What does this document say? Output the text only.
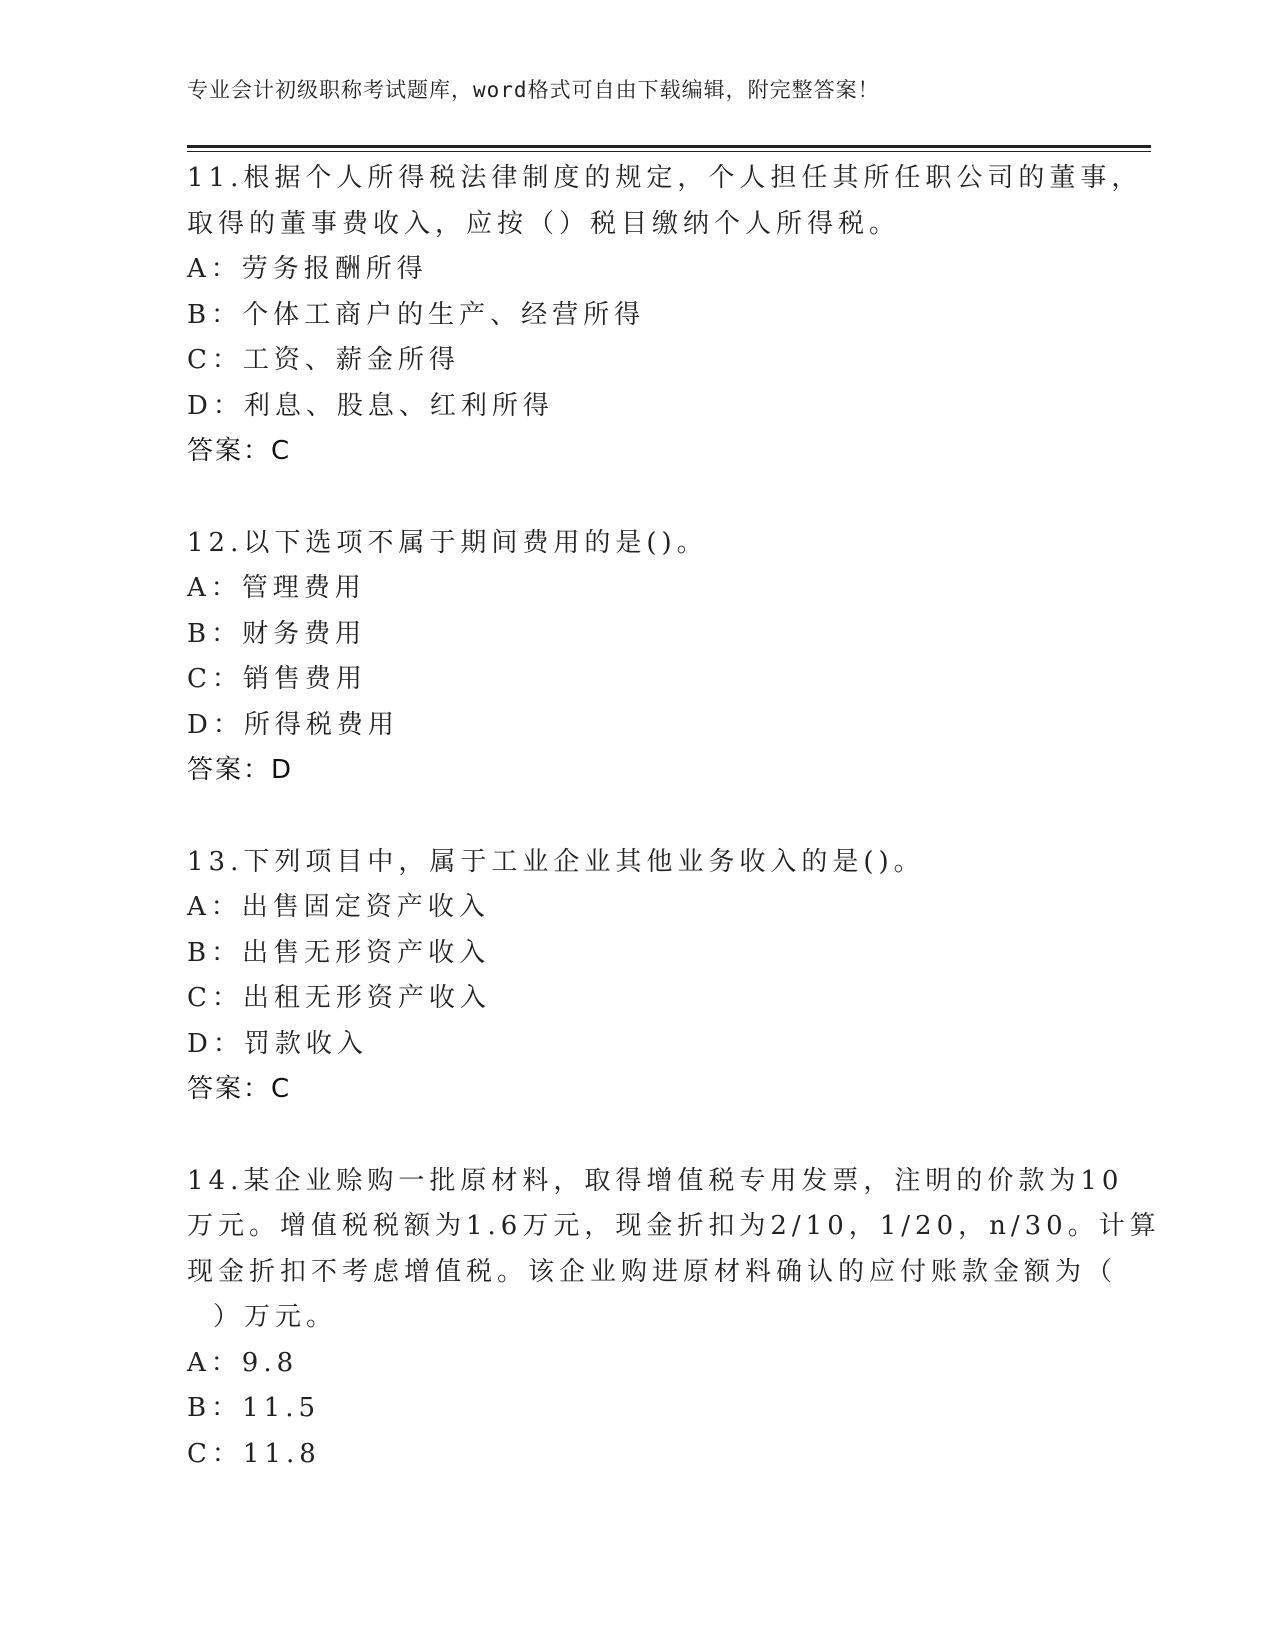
专业会计初级职称考试题库，word格式可自由下载编辑，附完整答案！
11.根据个人所得税法律制度的规定，个人担任其所任职公司的董事，
取得的董事费收入，应按（）税目缴纳个人所得税。
A：劳务报酬所得
B：个体工商户的生产、经营所得
C：工资、薪金所得
D：利息、股息、红利所得
答案：C
12.以下选项不属于期间费用的是()。
A：管理费用
B：财务费用
C：销售费用
D：所得税费用
答案：D
13.下列项目中，属于工业企业其他业务收入的是()。
A：出售固定资产收入
B：出售无形资产收入
C：出租无形资产收入
D：罚款收入
答案：C
14.某企业赊购一批原材料，取得增值税专用发票，注明的价款为10
万元。增值税税额为1.6万元，现金折扣为2/10，1/20，n/30。计算
现金折扣不考虑增值税。该企业购进原材料确认的应付账款金额为（
）万元。
A：9.8
B：11.5
C：11.8
